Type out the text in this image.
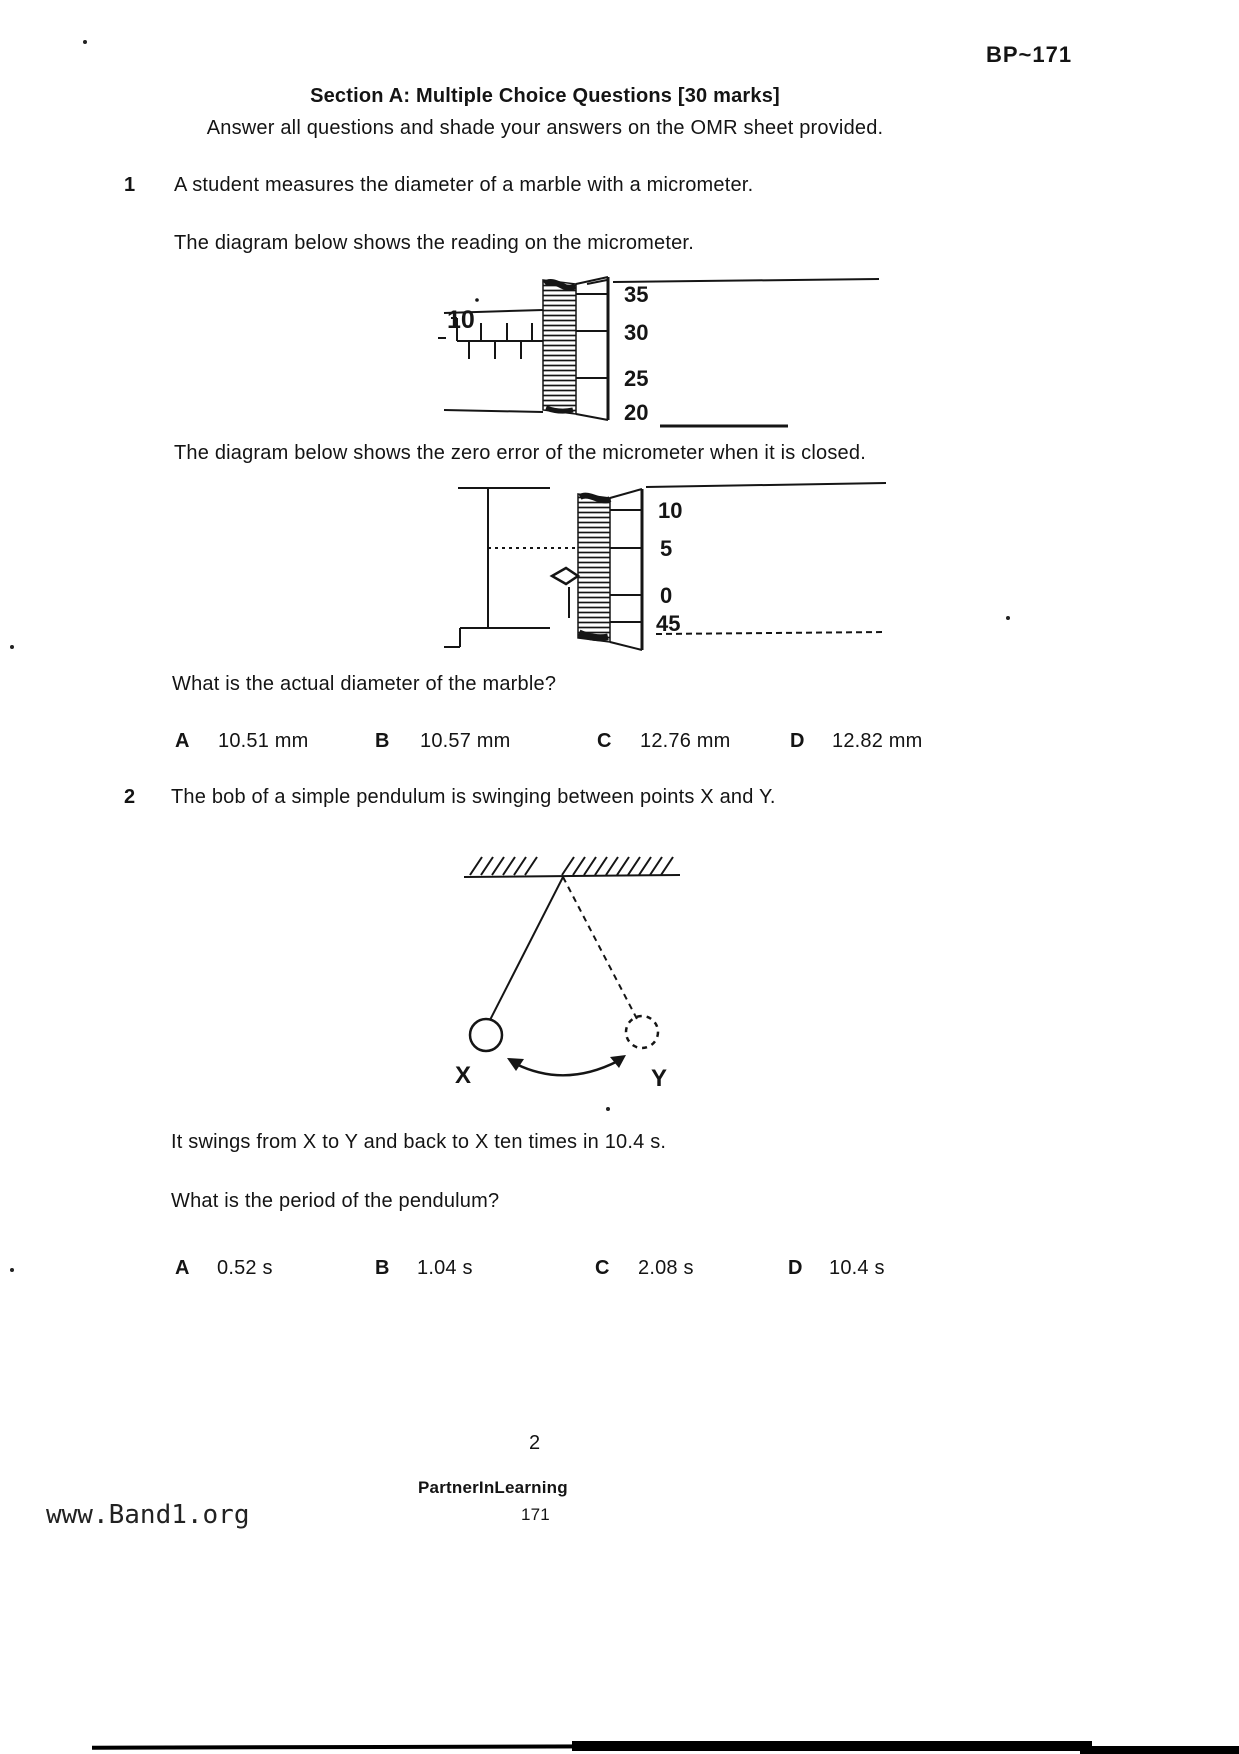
BP~171
Section A: Multiple Choice Questions [30 marks]
Answer all questions and shade your answers on the OMR sheet provided.
1 A student measures the diameter of a marble with a micrometer.
The diagram below shows the reading on the micrometer.
10
35
30
25
20
The diagram below shows the zero error of the micrometer when it is closed.
10
5
0
45
What is the actual diameter of the marble?
A 10.51 mm	B 10.57 mm	C 12.76 mm	D 12.82 mm
2 The bob of a simple pendulum is swinging between points X and Y.
X	Y
It swings from X to Y and back to X ten times in 10.4 s.
What is the period of the pendulum?
A 0.52 s	B 1.04 s	C 2.08 s	D 10.4 s
2
PartnerInLearning
171
www.Band1.org
